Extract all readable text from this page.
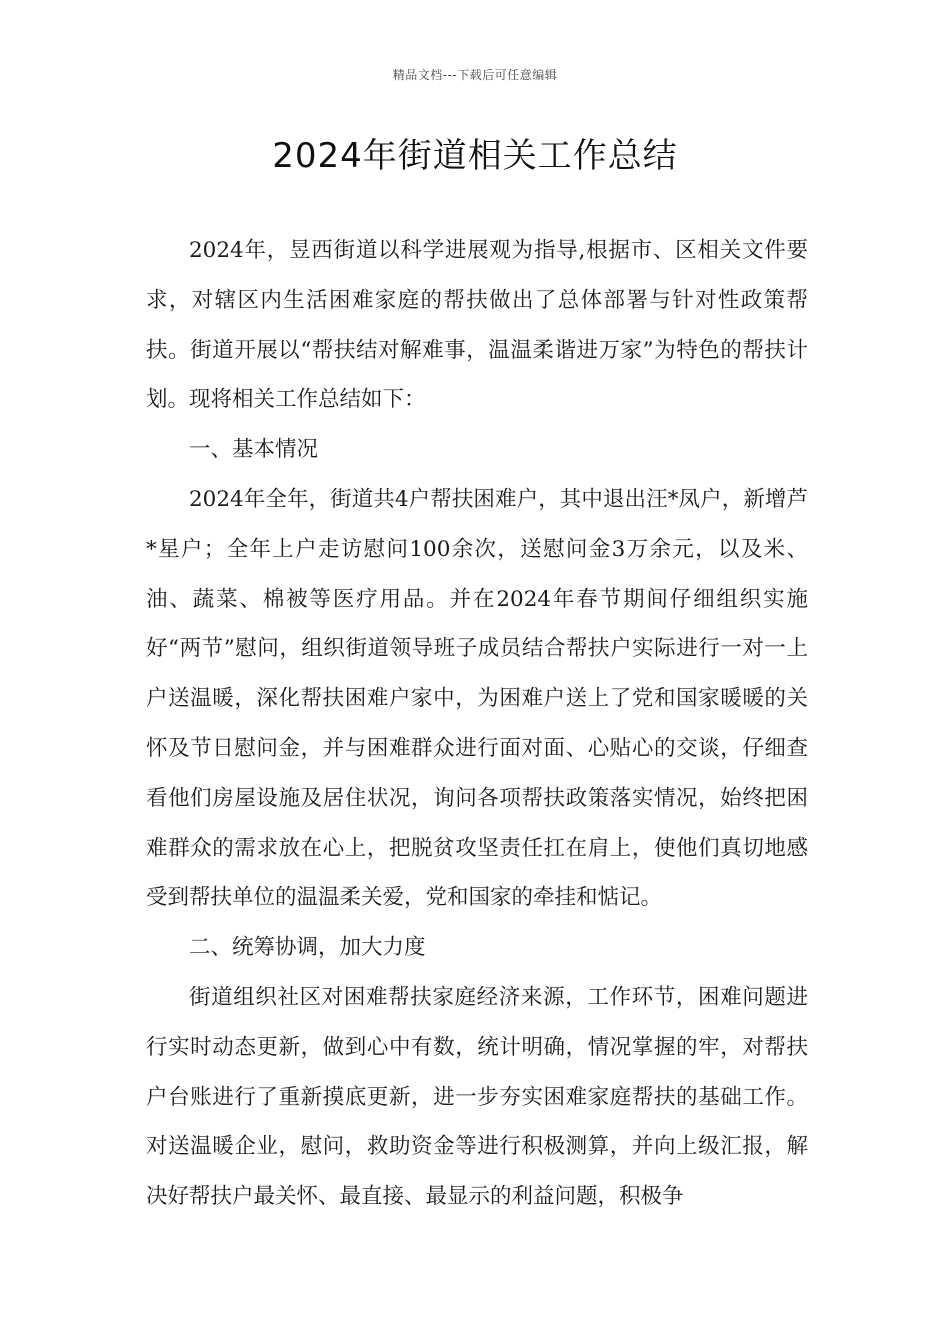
精品文档---下载后可任意编辑
2024年街道相关工作总结

2024年，昱西街道以科学进展观为指导,根据市、区相关文件要求，对辖区内生活困难家庭的帮扶做出了总体部署与针对性政策帮扶。街道开展以“帮扶结对解难事，温温柔谐进万家”为特色的帮扶计划。现将相关工作总结如下：

一、基本情况

2024年全年，街道共4户帮扶困难户，其中退出汪*凤户，新增芦*星户；全年上户走访慰问100余次，送慰问金3万余元，以及米、油、蔬菜、棉被等医疗用品。并在2024年春节期间仔细组织实施好“两节”慰问，组织街道领导班子成员结合帮扶户实际进行一对一上户送温暖，深化帮扶困难户家中，为困难户送上了党和国家暖暖的关怀及节日慰问金，并与困难群众进行面对面、心贴心的交谈，仔细查看他们房屋设施及居住状况，询问各项帮扶政策落实情况，始终把困难群众的需求放在心上，把脱贫攻坚责任扛在肩上，使他们真切地感受到帮扶单位的温温柔关爱，党和国家的牵挂和惦记。

二、统筹协调，加大力度

街道组织社区对困难帮扶家庭经济来源，工作环节，困难问题进行实时动态更新，做到心中有数，统计明确，情况掌握的牢，对帮扶户台账进行了重新摸底更新，进一步夯实困难家庭帮扶的基础工作。对送温暖企业，慰问，救助资金等进行积极测算，并向上级汇报，解决好帮扶户最关怀、最直接、最显示的利益问题，积极争
